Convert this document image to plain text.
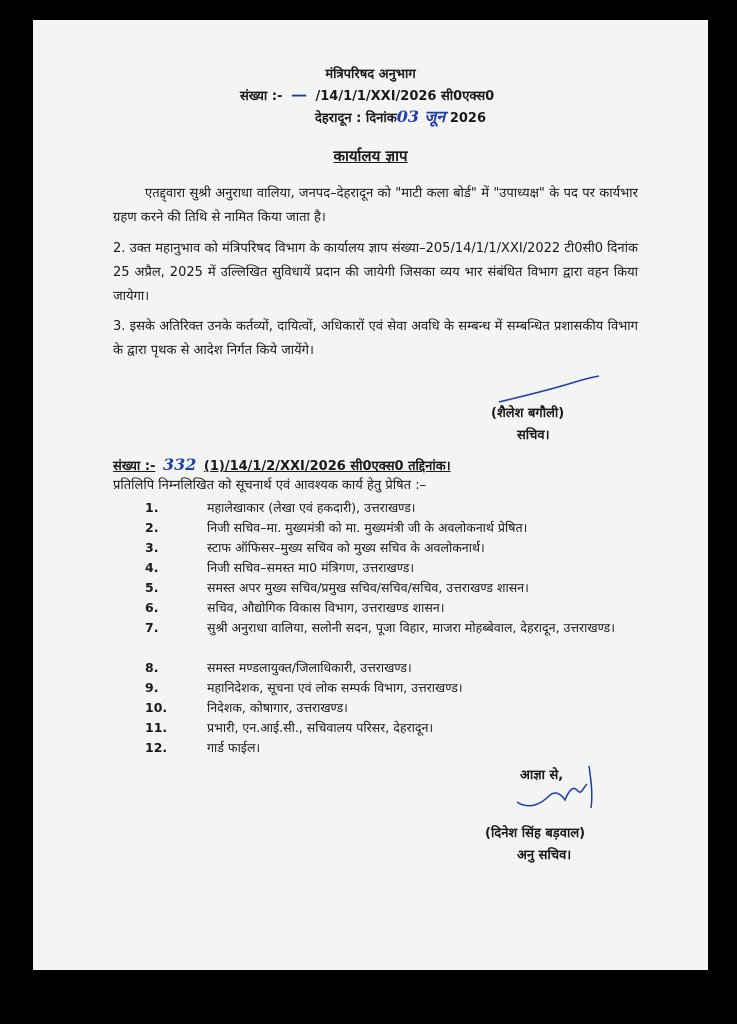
मंत्रिपरिषद अनुभाग
संख्या :- — /14/1/1/XXI/2026 सी0एक्स0
देहरादून : दिनांक03 जून 2026
कार्यालय ज्ञाप
एतद्द्वारा सुश्री अनुराधा वालिया, जनपद–देहरादून को "माटी कला बोर्ड" में "उपाध्यक्ष" के पद पर कार्यभार ग्रहण करने की तिथि से नामित किया जाता है।
2. उक्त महानुभाव को मंत्रिपरिषद विभाग के कार्यालय ज्ञाप संख्या–205/14/1/1/XXI/2022 टी0सी0 दिनांक 25 अप्रैल, 2025 में उल्लिखित सुविधायें प्रदान की जायेगी जिसका व्यय भार संबंधित विभाग द्वारा वहन किया जायेगा।
3. इसके अतिरिक्त उनके कर्तव्यों, दायित्वों, अधिकारों एवं सेवा अवधि के सम्बन्ध में सम्बन्धित प्रशासकीय विभाग के द्वारा पृथक से आदेश निर्गत किये जायेंगे।
(शैलेश बगौली)
सचिव।
संख्या :- 332 (1)/14/1/2/XXI/2026 सी0एक्स0 तद्दिनांक।
प्रतिलिपि निम्नलिखित को सूचनार्थ एवं आवश्यक कार्य हेतु प्रेषित :–
1.	महालेखाकार (लेखा एवं हकदारी), उत्तराखण्ड।
2.	निजी सचिव–मा. मुख्यमंत्री को मा. मुख्यमंत्री जी के अवलोकनार्थ प्रेषित।
3.	स्टाफ ऑफिसर–मुख्य सचिव को मुख्य सचिव के अवलोकनार्थ।
4.	निजी सचिव–समस्त मा0 मंत्रिगण, उत्तराखण्ड।
5.	समस्त अपर मुख्य सचिव/प्रमुख सचिव/सचिव/सचिव, उत्तराखण्ड शासन।
6.	सचिव, औद्योगिक विकास विभाग, उत्तराखण्ड शासन।
7.	सुश्री अनुराधा वालिया, सलोनी सदन, पूजा विहार, माजरा मोहब्बेवाल, देहरादून, उत्तराखण्ड।
8.	समस्त मण्डलायुक्त/जिलाधिकारी, उत्तराखण्ड।
9.	महानिदेशक, सूचना एवं लोक सम्पर्क विभाग, उत्तराखण्ड।
10.	निदेशक, कोषागार, उत्तराखण्ड।
11.	प्रभारी, एन.आई.सी., सचिवालय परिसर, देहरादून।
12.	गार्ड फाईल।
आज्ञा से,
(दिनेश सिंह बड़वाल)
अनु सचिव।
